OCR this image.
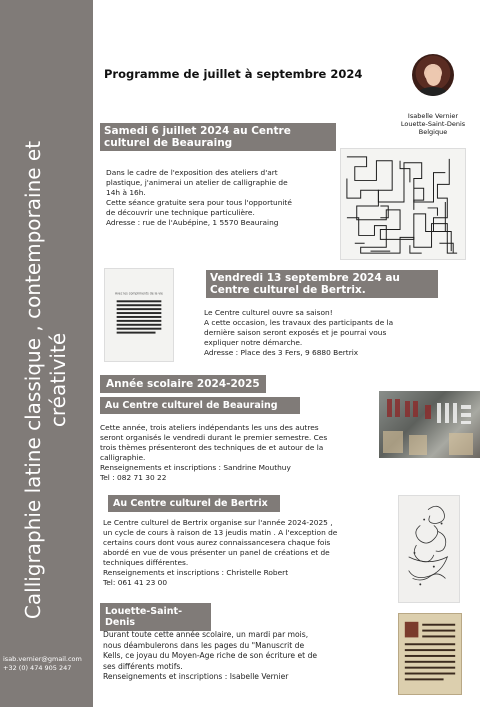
Calligraphie latine classique , contemporaine et créativité
isab.vernier@gmail.com
+32 (0) 474 905 247
Programme de juillet à septembre 2024
Isabelle Vernier
Louette-Saint-Denis
Belgique
Samedi 6 juillet 2024 au Centre culturel de Beauraing

Dans le cadre de l'exposition des ateliers d'art

plastique, j'animerai un atelier de calligraphie de

14h à 16h.

Cette séance gratuite sera pour tous l'opportunité

de découvrir une technique particulière.

Adresse : rue de l'Aubépine, 1 5570 Beauraing

Avec les compliments de la vie
Vendredi 13 septembre 2024 au Centre culturel de Bertrix.

Le Centre culturel ouvre sa saison!

A cette occasion, les travaux des participants de la

dernière saison seront exposés et je pourrai vous

expliquer notre démarche.

Adresse : Place des 3 Fers, 9 6880 Bertrix

Année scolaire 2024-2025
Au Centre culturel de Beauraing

Cette année, trois ateliers indépendants les uns des autres

seront organisés le vendredi durant le premier semestre. Ces

trois thèmes présenteront des techniques de et autour de la

calligraphie.

Renseignements et inscriptions : Sandrine Mouthuy

Tel : 082 71 30 22

Au Centre culturel de Bertrix

Le Centre culturel de Bertrix organise sur l'année 2024-2025 ,

un cycle de cours à raison de 13 jeudis matin . A l'exception de

certains cours dont vous aurez connaissancesera chaque fois

abordé en vue de vous présenter un panel de créations et de

techniques différentes.

Renseignements et inscriptions : Christelle Robert

Tel: 061 41 23 00

Louette-Saint-Denis

Durant toute cette année scolaire, un mardi par mois,

nous déambulerons dans les pages du "Manuscrit de

Kells, ce joyau du Moyen-Age riche de son écriture et de

ses différents motifs.

Renseignements et inscriptions : Isabelle Vernier
